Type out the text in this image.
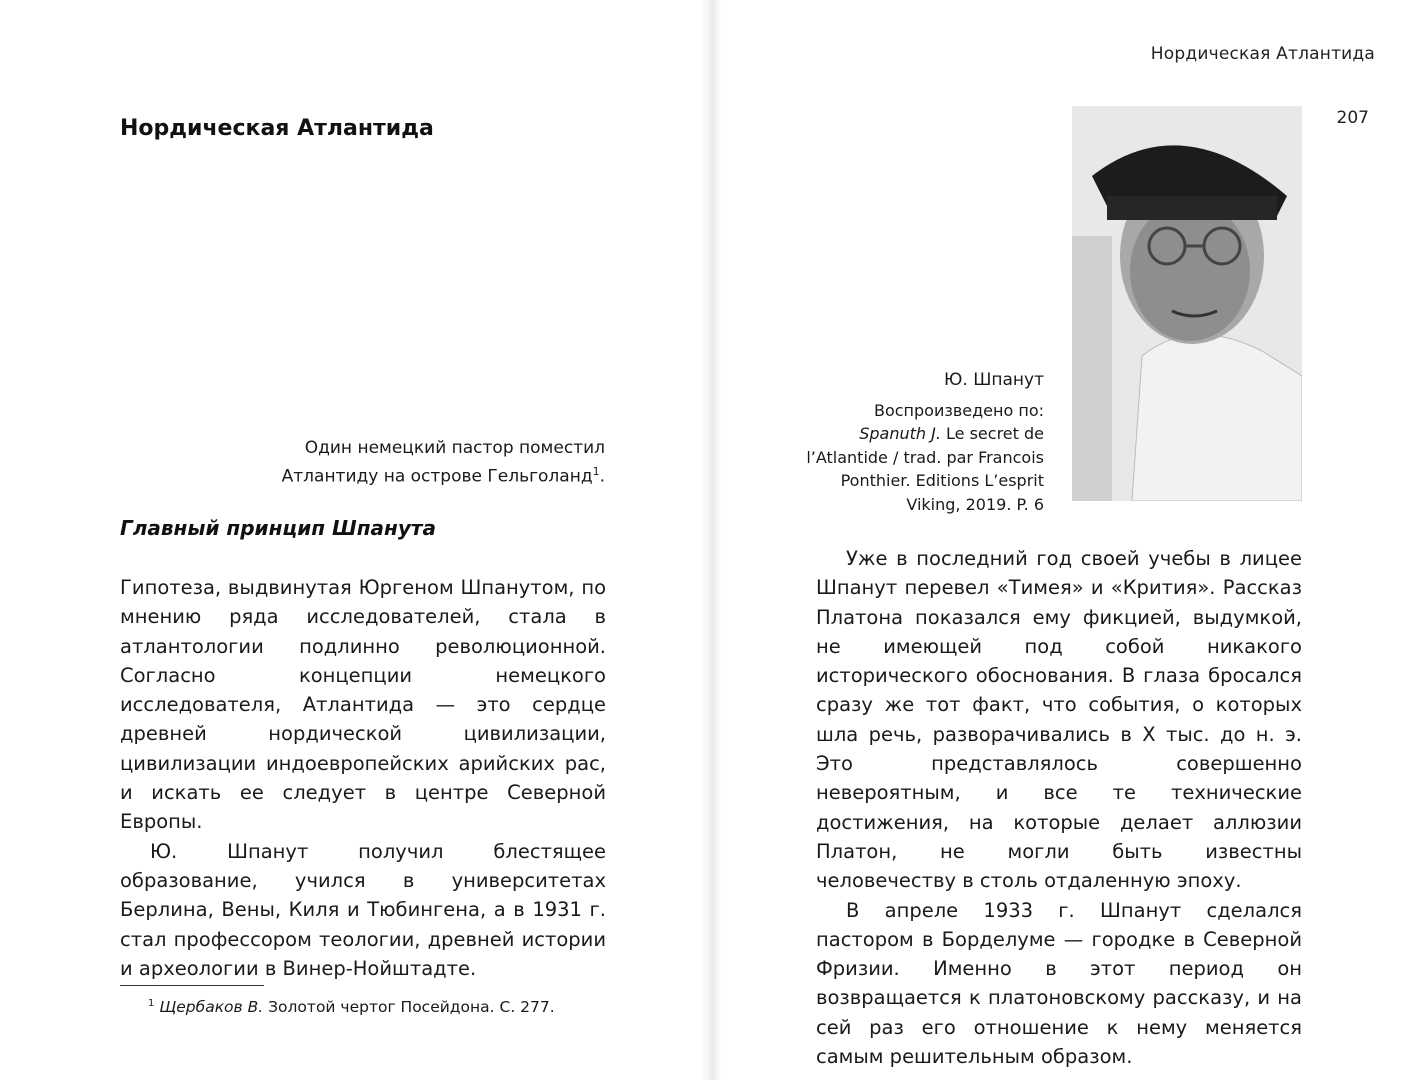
Нордическая Атлантида
207
Нордическая Атлантида
Один немецкий пастор поместил
Атлантиду на острове Гельголанд$^1$.
Главный принцип Шпанута

Гипотеза, выдвинутая Юргеном Шпанутом, по мнению ряда исследователей, стала в атлантологии подлинно революционной. Согласно концепции немецкого исследователя, Атлантида — это сердце древней нордической цивилизации, цивилизации индоевропейских арийских рас, и искать ее следует в центре Северной Европы.

Ю. Шпанут получил блестящее образование, учился в университетах Берлина, Вены, Киля и Тюбингена, а в 1931 г. стал профессором теологии, древней истории и археологии в Винер-Нойштадте.

$^1$ Щербаков В. Золотой чертог Посейдона. С. 277.
Ю. Шпанут
Воспроизведено по:
Spanuth J. Le secret de l’Atlantide / trad. par Francois Ponthier. Editions L’esprit Viking, 2019. P. 6

Уже в последний год своей учебы в лицее Шпанут перевел «Тимея» и «Крития». Рассказ Платона показался ему фикцией, выдумкой, не имеющей под собой никакого исторического обоснования. В глаза бросался сразу же тот факт, что события, о которых шла речь, разворачивались в X тыс. до н. э. Это представлялось совершенно невероятным, и все те технические достижения, на которые делает аллюзии Платон, не могли быть известны человечеству в столь отдаленную эпоху.

В апреле 1933 г. Шпанут сделался пастором в Борделуме — городке в Северной Фризии. Именно в этот период он возвращается к платоновскому рассказу, и на сей раз его отношение к нему меняется самым решительным образом.
